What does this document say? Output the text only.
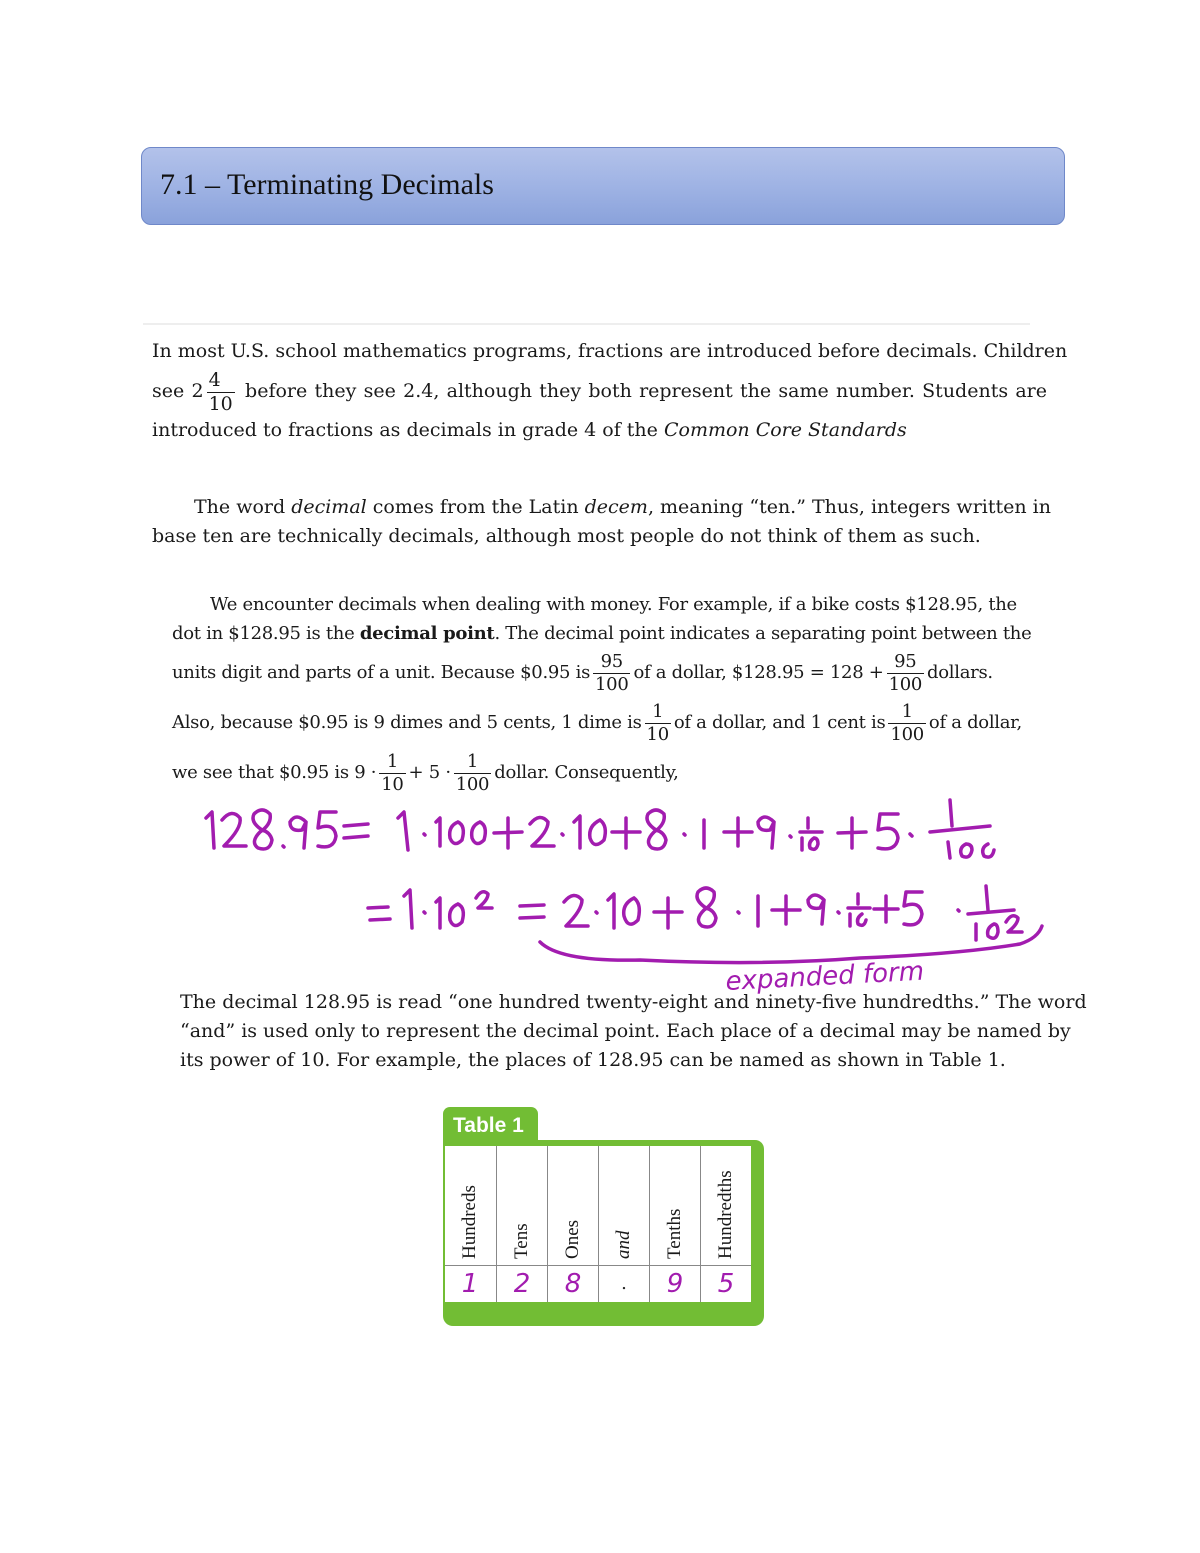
7.1 – Terminating Decimals
In most U.S. school mathematics programs, fractions are introduced before decimals. Children
see $2 \frac{4}{10}$ before they see 2.4, although they both represent the same number. Students are
introduced to fractions as decimals in grade 4 of the Common Core Standards
The word decimal comes from the Latin decem, meaning “ten.” Thus, integers written in
base ten are technically decimals, although most people do not think of them as such.
We encounter decimals when dealing with money. For example, if a bike costs $128.95, the
dot in $128.95 is the decimal point. The decimal point indicates a separating point between the
units digit and parts of a unit. Because $0.95 is $\frac{95}{100}$ of a dollar, $128.95 = $128 + \frac{95}{100}$ dollars.
Also, because $0.95 is 9 dimes and 5 cents, 1 dime is $\frac{1}{10}$ of a dollar, and 1 cent is $\frac{1}{100}$ of a dollar,
we see that $0.95 is $9 \cdot \frac{1}{10} + 5 \cdot \frac{1}{100}$ dollar. Consequently,
expanded form
The decimal 128.95 is read “one hundred twenty-eight and ninety-five hundredths.” The word
“and” is used only to represent the decimal point. Each place of a decimal may be named by
its power of 10. For example, the places of 128.95 can be named as shown in Table 1.
Table 1
Hundreds
1
Tens
2
Ones
8
and
.
Tenths
9
Hundredths
5
